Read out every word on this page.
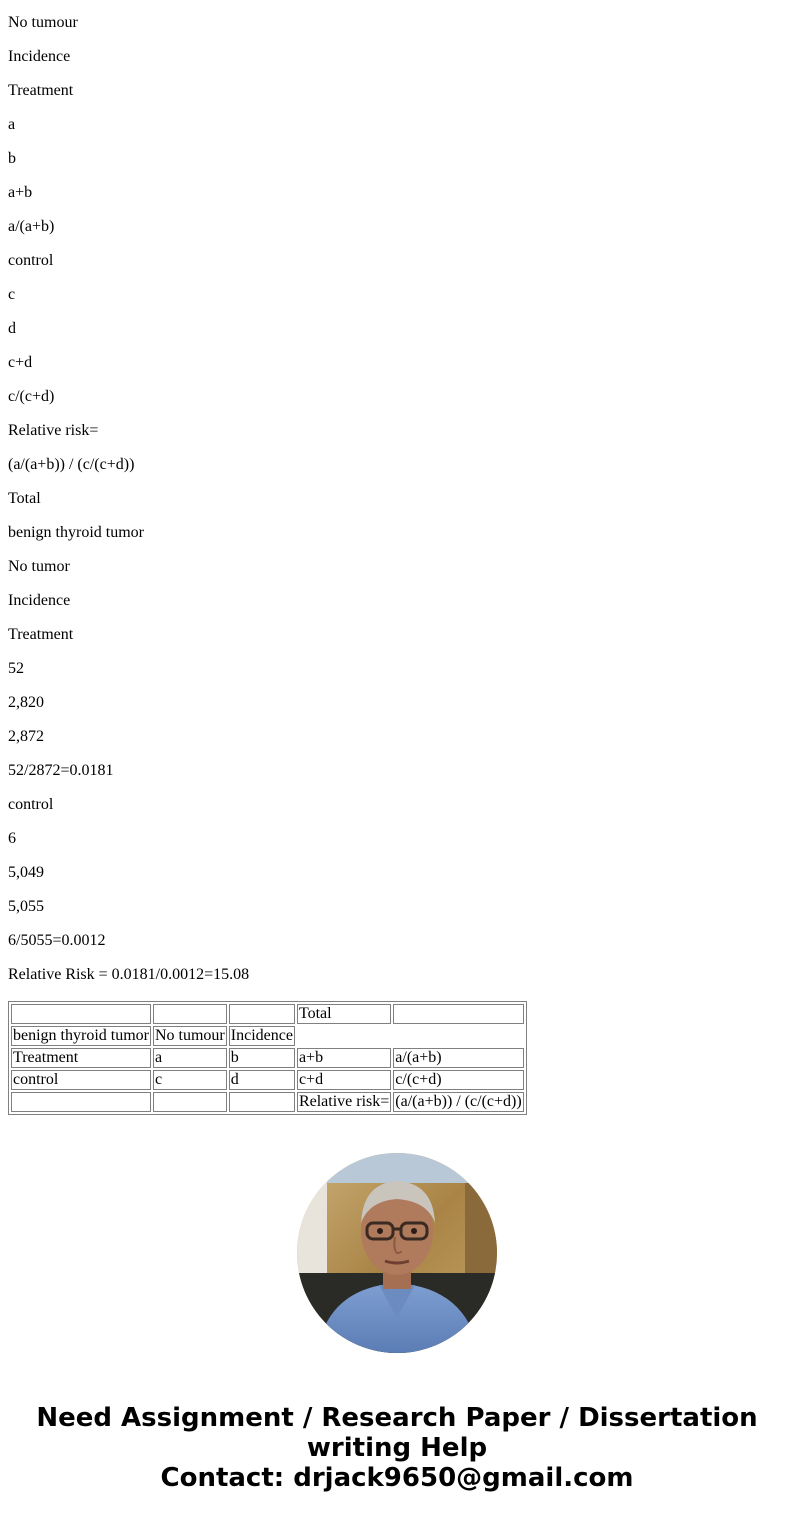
No tumour

Incidence

Treatment

a

b

a+b

a/(a+b)

control

c

d

c+d

c/(c+d)

Relative risk=

(a/(a+b)) / (c/(c+d))

Total

benign thyroid tumor

No tumor

Incidence

Treatment

52

2,820

2,872

52/2872=0.0181

control

6

5,049

5,055

6/5055=0.0012

Relative Risk = 0.0181/0.0012=15.08

			Total	
benign thyroid tumor	No tumour	Incidence		
Treatment	a	b	a+b	a/(a+b)
control	c	d	c+d	c/(c+d)
			Relative risk=	(a/(a+b)) / (c/(c+d))
Need Assignment / Research Paper / Dissertation
writing Help
Contact: drjack9650@gmail.com
